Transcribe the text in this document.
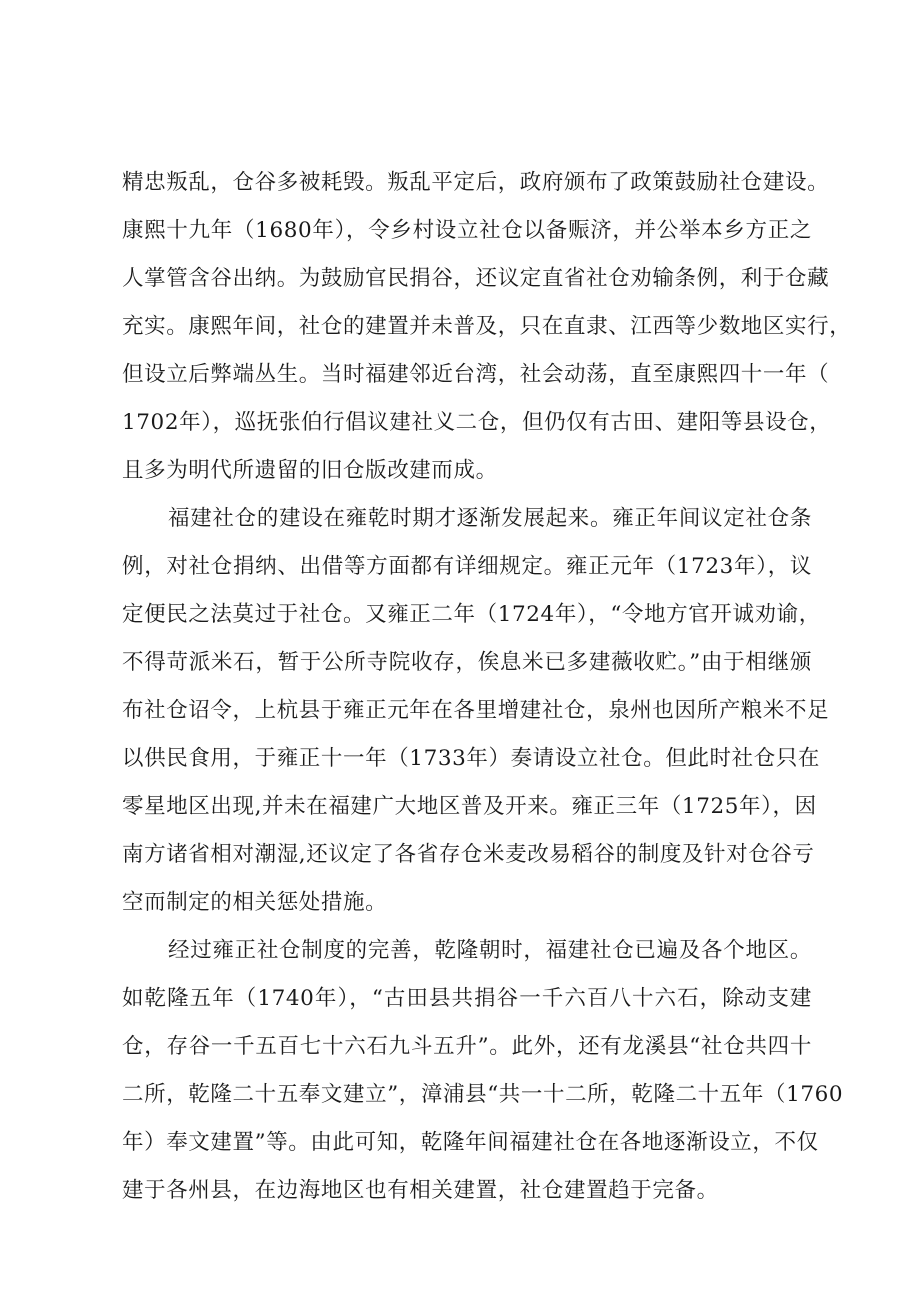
精忠叛乱，仓谷多被耗毁。叛乱平定后，政府颁布了政策鼓励社仓建设。
康熙十九年（1680年），令乡村设立社仓以备赈济，并公举本乡方正之
人掌管含谷出纳。为鼓励官民捐谷，还议定直省社仓劝输条例，利于仓藏
充实。康熙年间，社仓的建置并未普及，只在直隶、江西等少数地区实行，
但设立后弊端丛生。当时福建邻近台湾，社会动荡，直至康熙四十一年（
1702年），巡抚张伯行倡议建社义二仓，但仍仅有古田、建阳等县设仓，
且多为明代所遗留的旧仓版改建而成。
福建社仓的建设在雍乾时期才逐渐发展起来。雍正年间议定社仓条
例，对社仓捐纳、出借等方面都有详细规定。雍正元年（1723年），议
定便民之法莫过于社仓。又雍正二年（1724年），“令地方官开诚劝谕，
不得苛派米石，暂于公所寺院收存，俟息米已多建薇收贮。”由于相继颁
布社仓诏令，上杭县于雍正元年在各里增建社仓，泉州也因所产粮米不足
以供民食用，于雍正十一年（1733年）奏请设立社仓。但此时社仓只在
零星地区出现,并未在福建广大地区普及开来。雍正三年（1725年），因
南方诸省相对潮湿,还议定了各省存仓米麦改易稻谷的制度及针对仓谷亏
空而制定的相关惩处措施。
经过雍正社仓制度的完善，乾隆朝时，福建社仓已遍及各个地区。
如乾隆五年（1740年），“古田县共捐谷一千六百八十六石，除动支建
仓，存谷一千五百七十六石九斗五升”。此外，还有龙溪县“社仓共四十
二所，乾隆二十五奉文建立”，漳浦县“共一十二所，乾隆二十五年（1760
年）奉文建置”等。由此可知，乾隆年间福建社仓在各地逐渐设立，不仅
建于各州县，在边海地区也有相关建置，社仓建置趋于完备。
